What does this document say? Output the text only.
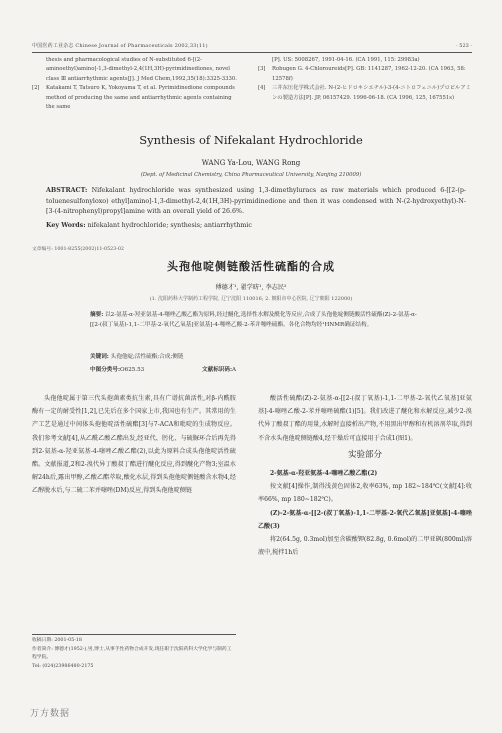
中国医药工业杂志 Chinese Journal of Pharmaceuticals 2002,33(11)	· 523 ·
thesis and pharmacological studies of N-substituted 6-[(2-aminoethyl)amino]-1,3-dimethyl-2,4(1H,3H)-pyrimidinediones, novel class Ⅲ antiarrhythmic agents[J]. J Med Chem,1992,35(18):3325-3330.
[2]	Katakami T, Tatsuro K, Yokoyama T, et al. Pyrimidinedione compounds method of producing the same and antiarrhythmic agents containing the same
[P]. US: 5008267, 1991-04-16. (CA 1991, 115: 29983a)
[3]	Robugen G. 4-Chloroureids[P]. GB: 1141287, 1962-12-20. (CA 1963, 58: 12578f)
[4]	三井东压化学株式会社. N-(2-ヒドロキシエチル)-3-(4-ニトロフェニル)プロピルアミンの製造方法[P]. JP, 06157429. 1996-06-18. (CA 1996, 125, 167551s)
Synthesis of Nifekalant Hydrochloride
WANG Ya-Lou, WANG Rong
(Dept. of Medicinal Chemistry, China Pharmaceutical University, Nanjing 210009)
ABSTRACT: Nifekalant hydrochloride was synthesized using 1,3-dimethyluracs as raw materials which produced 6-[[2-(p-toluenesulfonyloxo) ethyl]amino]-1,3-dimethyl-2,4(1H,3H)-pyrimidinedione and then it was condensed with N-(2-hydroxyethyl)-N-[3-(4-nitrophenyl)propyl]amine with an overall yield of 26.6%.
Key Words: nifekalant hydrochloride; synthesis; antiarrhythmic
文章编号: 1001-8255(2002)11-0523-02
头孢他啶侧链酸活性硫酯的合成
傅德才¹, 翟学昉¹, 李志民²
(1. 沈阳药科大学制药工程学院, 辽宁沈阳 110016; 2. 朝阳市中心医院, 辽宁朝阳 122000)
摘要: 以2-氨基-α-羟亚氨基-4-噻唑乙酸乙酯为原料,经过醚化,选择性水解及酰化等反应,合成了头孢他啶侧链酸活性硫酯(Z)-2-氨基-α-[[2-(叔丁氧基)-1,1-二甲基-2-氧代乙氧基]亚氨基]-4-噻唑乙酸-2-苯并噻唑硫酯。各化合物均经¹HNMR确证结构。
关键词: 头孢他啶;活性硫酯;合成;侧链
中图分类号:O625.53	文献标识码:A

头孢他啶属于第三代头孢菌素类抗生素,具有广谱抗菌活性,对β-内酰胺酶有一定的耐受性[1,2],已先后在多个国家上市,我国也有生产。其常用的生产工艺是通过中间体头孢他啶活性硫酯[3]与7-ACA和吡啶的生成物反应。我们参考文献[4],从乙酰乙酸乙酯出发,经亚代、肟化、与硫脲环合后再先得到2-氨基-α-羟亚氨基-4-噻唑乙酸乙酯(2),以此为原料合成头孢他啶活性硫酯。文献报道,2和2-溴代异丁酸叔丁酯进行醚化反应,得到醚化产物3;室温水解24h后,露出甲醇,乙酸乙酯萃取,酸化水层,得到头孢他啶侧链酸含水物4,经乙醇脱水后,与二硫二苯并噻唑(DM)反应,得到头孢他啶侧链

酸活性硫酯(Z)-2-氨基-α-[[2-(叔丁氧基)-1,1-二甲基-2-氧代乙氧基]亚氨基]-4-噻唑乙酸-2-苯并噻唑硫酯(1)[5]。我们改进了醚化和水解反应,减少2-溴代异丁酸叔丁酯的用量,水解时直接析出产物,不用黑出甲醇和有机溶剂萃取,得到不含水头孢他啶侧链酸4,经干燥后可直接用于合成1(图1)。

实验部分

2-氨基-α-羟亚氨基-4-噻唑乙酸乙酯(2)

按文献[4]操作,制得浅黄色固体2,收率63%, mp 182~184℃(文献[4]:收率66%, mp 180~182℃)。

(Z)-2-氨基-α-[[2-(叔丁氧基)-1,1-二甲基-2-氧代乙氧基]亚氨基]-4-噻唑乙酸(3)

将2(64.5g, 0.3mol)加至含碳酸钾(82.8g, 0.6mol)的二甲亚砜(800ml)溶液中,搅拌1h后

收稿日期: 2001-05-18
作者简介: 傅德才(1952-),男,博士,从事手性药物合成开发,现任职于沈阳药科大学化学与制药工程学院。
Tel: (024)23986480-2175
万方数据
